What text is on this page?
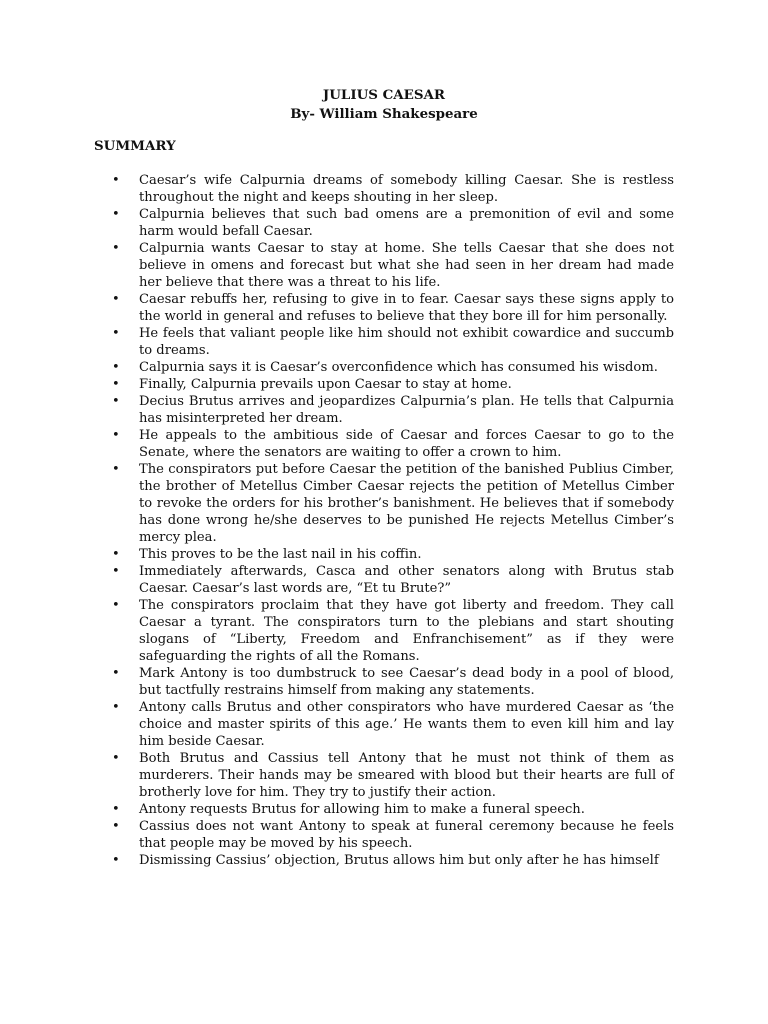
JULIUS CAESAR
By- William Shakespeare
SUMMARY
• Caesar’s wife Calpurnia dreams of somebody killing Caesar. She is restless throughout the night and keeps shouting in her sleep.
• Calpurnia believes that such bad omens are a premonition of evil and some harm would befall Caesar.
• Calpurnia wants Caesar to stay at home. She tells Caesar that she does not believe in omens and forecast but what she had seen in her dream had made her believe that there was a threat to his life.
• Caesar rebuffs her, refusing to give in to fear. Caesar says these signs apply to the world in general and refuses to believe that they bore ill for him personally.
• He feels that valiant people like him should not exhibit cowardice and succumb to dreams.
• Calpurnia says it is Caesar’s overconfidence which has consumed his wisdom.
• Finally, Calpurnia prevails upon Caesar to stay at home.
• Decius Brutus arrives and jeopardizes Calpurnia’s plan. He tells that Calpurnia has misinterpreted her dream.
• He appeals to the ambitious side of Caesar and forces Caesar to go to the Senate, where the senators are waiting to offer a crown to him.
• The conspirators put before Caesar the petition of the banished Publius Cimber, the brother of Metellus Cimber Caesar rejects the petition of Metellus Cimber to revoke the orders for his brother’s banishment. He believes that if somebody has done wrong he/she deserves to be punished He rejects Metellus Cimber’s mercy plea.
• This proves to be the last nail in his coffin.
• Immediately afterwards, Casca and other senators along with Brutus stab Caesar. Caesar’s last words are, “Et tu Brute?”
• The conspirators proclaim that they have got liberty and freedom. They call Caesar a tyrant. The conspirators turn to the plebians and start shouting slogans of “Liberty, Freedom and Enfranchisement” as if they were safeguarding the rights of all the Romans.
• Mark Antony is too dumbstruck to see Caesar’s dead body in a pool of blood, but tactfully restrains himself from making any statements.
• Antony calls Brutus and other conspirators who have murdered Caesar as ‘the choice and master spirits of this age.’ He wants them to even kill him and lay him beside Caesar.
• Both Brutus and Cassius tell Antony that he must not think of them as murderers. Their hands may be smeared with blood but their hearts are full of brotherly love for him. They try to justify their action.
• Antony requests Brutus for allowing him to make a funeral speech.
• Cassius does not want Antony to speak at funeral ceremony because he feels that people may be moved by his speech.
• Dismissing Cassius’ objection, Brutus allows him but only after he has himself
